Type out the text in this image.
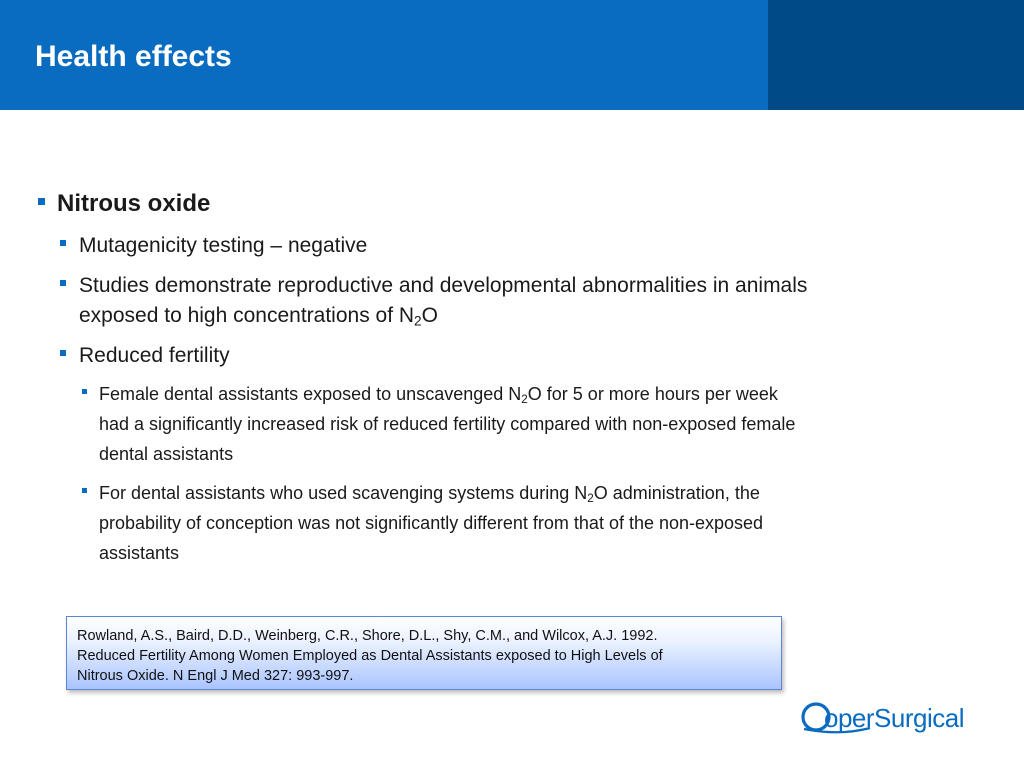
Health effects
Nitrous oxide
Mutagenicity testing – negative
Studies demonstrate reproductive and developmental abnormalities in animals
exposed to high concentrations of $N_2O$
Reduced fertility
Female dental assistants exposed to unscavenged $N_2O$ for 5 or more hours per week
had a significantly increased risk of reduced fertility compared with non-exposed female
dental assistants
For dental assistants who used scavenging systems during $N_2O$ administration, the
probability of conception was not significantly different from that of the non-exposed
assistants
Rowland, A.S., Baird, D.D., Weinberg, C.R., Shore, D.L., Shy, C.M., and Wilcox, A.J. 1992.
Reduced Fertility Among Women Employed as Dental Assistants exposed to High Levels of
Nitrous Oxide. N Engl J Med 327: 993-997.
operSurgical
